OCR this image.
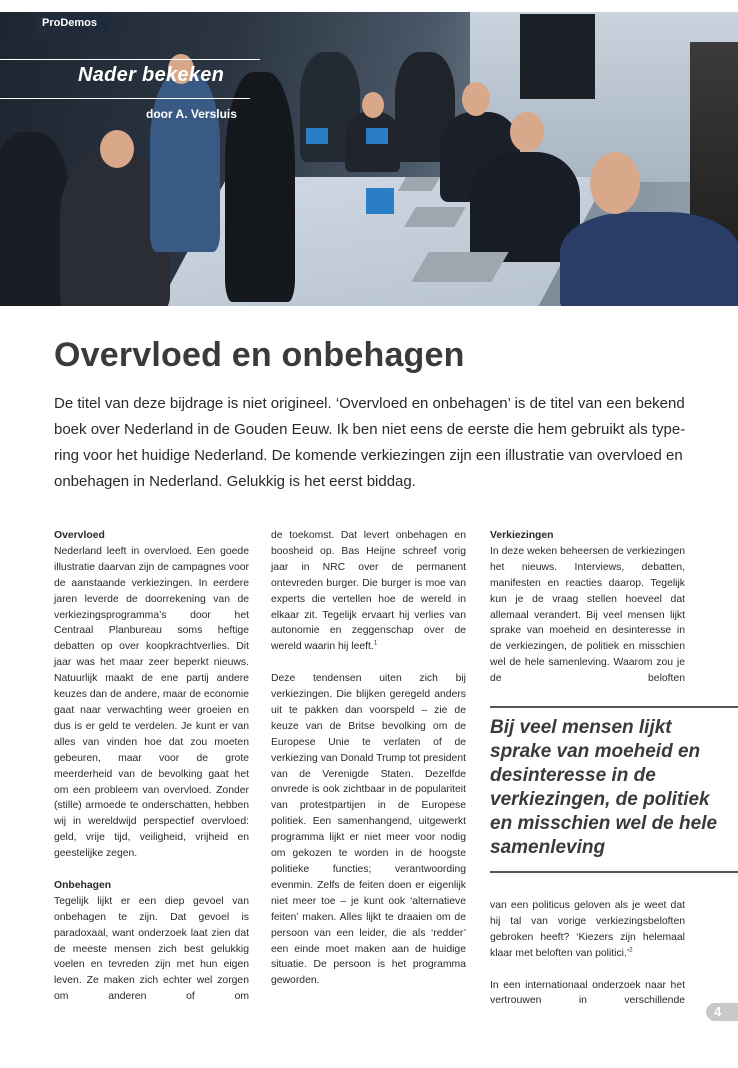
ProDemos
Nader bekeken
door A. Versluis
Overvloed en onbehagen

De titel van deze bijdrage is niet origineel. ‘Overvloed en onbehagen’ is de titel van een bekend boek over Nederland in de Gouden Eeuw. Ik ben niet eens de eerste die hem gebruikt als type-ring voor het huidige Nederland. De komende verkiezingen zijn een illustratie van overvloed en onbehagen in Nederland. Gelukkig is het eerst biddag.

Overvloed

Nederland leeft in overvloed. Een goede illustratie daarvan zijn de campagnes voor de aanstaande verkiezingen. In eerdere jaren leverde de doorrekening van de verkiezingsprogramma’s door het Centraal Planbureau soms heftige debatten op over koopkrachtverlies. Dit jaar was het maar zeer beperkt nieuws. Natuurlijk maakt de ene partij andere keuzes dan de andere, maar de economie gaat naar verwachting weer groeien en dus is er geld te verdelen. Je kunt er van alles van vinden hoe dat zou moeten gebeuren, maar voor de grote meerderheid van de bevolking gaat het om een probleem van overvloed. Zonder (stille) armoede te onderschatten, hebben wij in wereldwijd perspectief overvloed: geld, vrije tijd, veiligheid, vrijheid en geestelijke zegen.

Onbehagen

Tegelijk lijkt er een diep gevoel van onbehagen te zijn. Dat gevoel is paradoxaal, want onderzoek laat zien dat de meeste mensen zich best gelukkig voelen en tevreden zijn met hun eigen leven. Ze maken zich echter wel zorgen om anderen of om

de toekomst. Dat levert onbehagen en boosheid op. Bas Heijne schreef vorig jaar in NRC over de permanent ontevreden burger. Die burger is moe van experts die vertellen hoe de wereld in elkaar zit. Tegelijk ervaart hij verlies van autonomie en zeggenschap over de wereld waarin hij leeft.$^1$

Deze tendensen uiten zich bij verkiezingen. Die blijken geregeld anders uit te pakken dan voorspeld – zie de keuze van de Britse bevolking om de Europese Unie te verlaten of de verkiezing van Donald Trump tot president van de Verenigde Staten. Dezelfde onvrede is ook zichtbaar in de populariteit van protestpartijen in de Europese politiek. Een samenhangend, uitgewerkt programma lijkt er niet meer voor nodig om gekozen te worden in de hoogste politieke functies; verantwoording evenmin. Zelfs de feiten doen er eigenlijk niet meer toe – je kunt ook ‘alternatieve feiten’ maken. Alles lijkt te draaien om de persoon van een leider, die als ‘redder’ een einde moet maken aan de huidige situatie. De persoon is het programma geworden.

Verkiezingen

In deze weken beheersen de verkiezingen het nieuws. Interviews, debatten, manifesten en reacties daarop. Tegelijk kun je de vraag stellen hoeveel dat allemaal verandert. Bij veel mensen lijkt sprake van moeheid en desinteresse in de verkiezingen, de politiek en misschien wel de hele samenleving. Waarom zou je de beloften

Bij veel mensen lijkt sprake van moeheid en desinteresse in de verkiezingen, de politiek en misschien wel de hele samenleving

van een politicus geloven als je weet dat hij tal van vorige verkiezingsbeloften gebroken heeft? ‘Kiezers zijn helemaal klaar met beloften van politici.’$^2$

In een internationaal onderzoek naar het vertrouwen in verschillende

4
